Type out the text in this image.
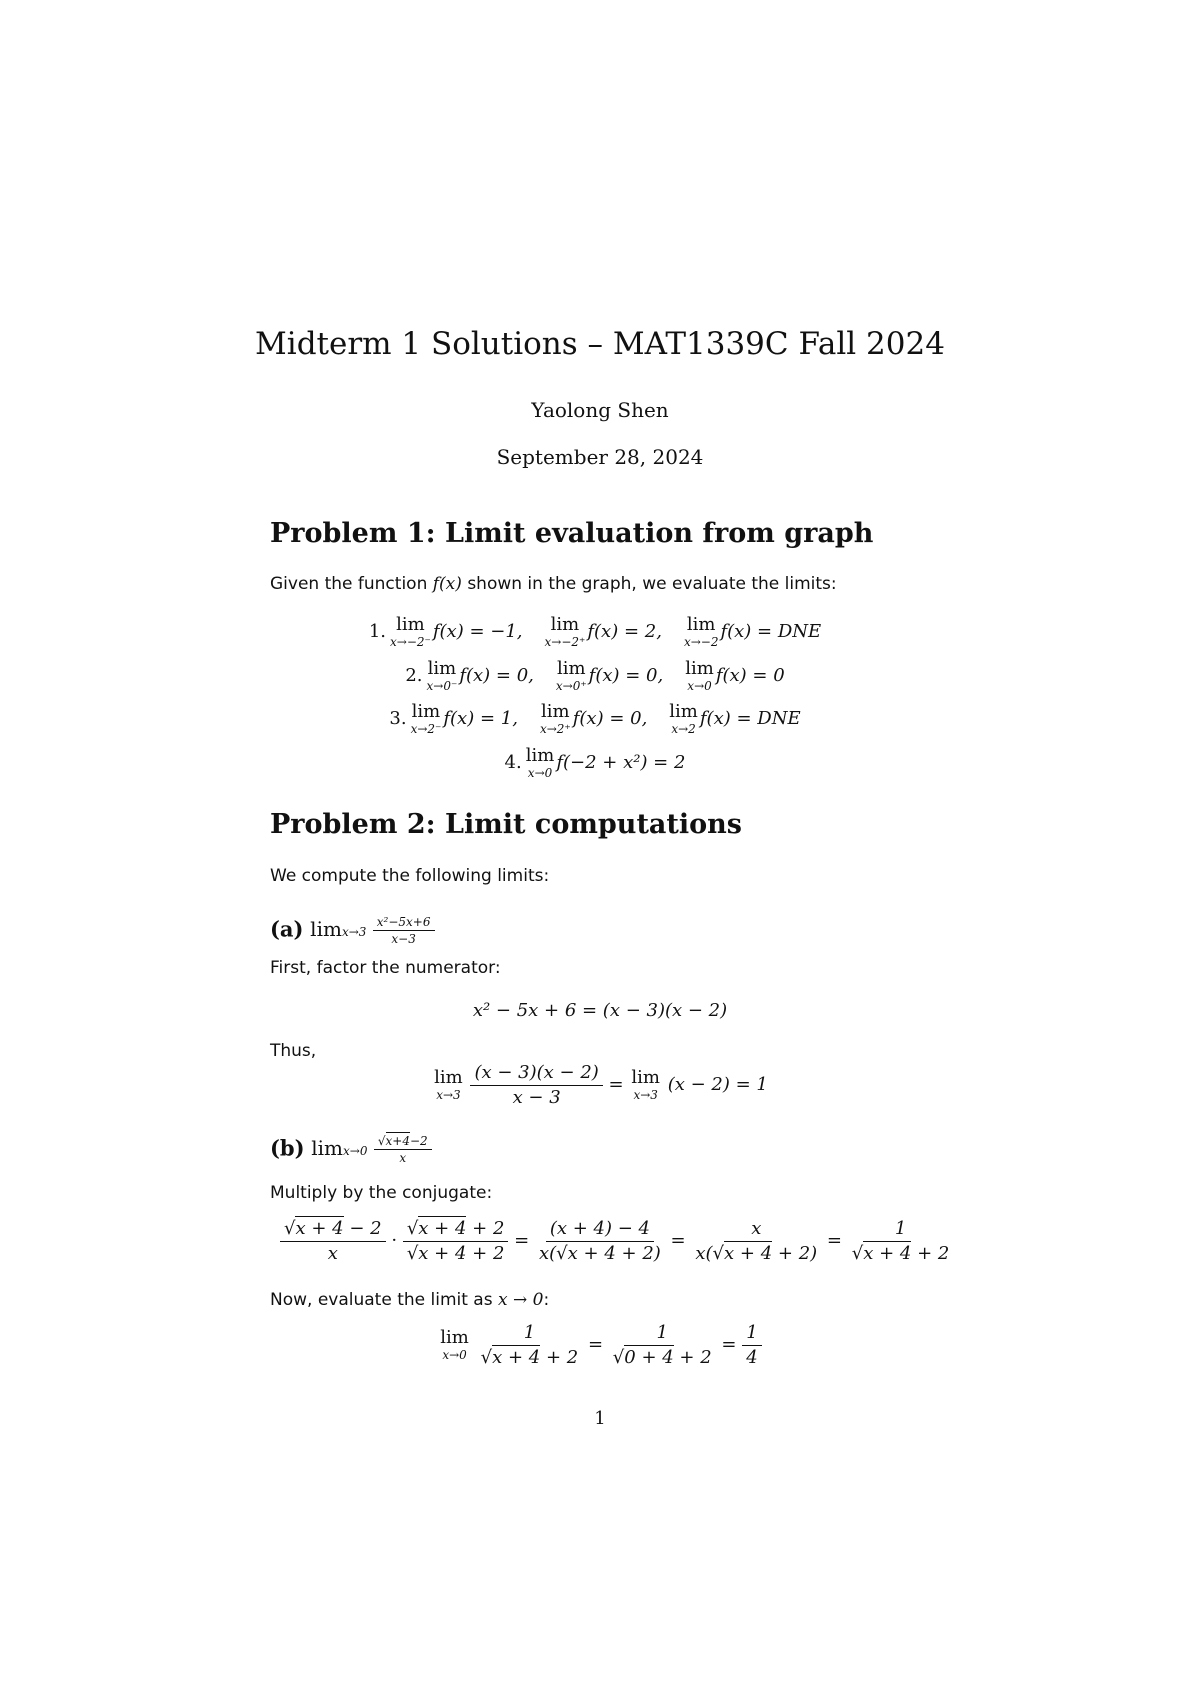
Midterm 1 Solutions – MAT1339C Fall 2024
Yaolong Shen
September 28, 2024
Problem 1: Limit evaluation from graph
Given the function f(x) shown in the graph, we evaluate the limits:
1. lim
x→−2⁻ f(x) = −1, lim
x→−2⁺ f(x) = 2, lim
x→−2 f(x) = DNE
2. lim
x→0⁻ f(x) = 0, lim
x→0⁺ f(x) = 0, lim
x→0 f(x) = 0
3. lim
x→2⁻ f(x) = 1, lim
x→2⁺ f(x) = 0, lim
x→2 f(x) = DNE
4. lim
x→0 f(−2 + x²) = 2
Problem 2: Limit computations
We compute the following limits:
(a) $\lim x\to 3 \frac{\text{x²−5x+6}}{x-3}$
First, factor the numerator:
x² − 5x + 6 = (x − 3)(x − 2)
Thus,
lim
x→3
$\frac{(x - 3)(x - 2)}{x - 3} = \lim$
x→3 (x − 2) = 1
(b) $\lim x\to 0 \frac{√x+4-2}{x}$
Multiply by the conjugate:
$\frac{√x + 4 - 2}{x} \cdot \frac{√x + 4 + 2}{√x + 4 + 2} = \frac{(x + 4) - 4}{x(√x + 4 + 2)} = \frac{x}{x(√x + 4 + 2)} = \frac{1}{√x + 4 + 2}$
Now, evaluate the limit as x → 0:
lim
x→0
$\frac{1}{√x + 4 + 2} = \frac{1}{√0 + 4 + 2} = \frac{1}{4}$
1
